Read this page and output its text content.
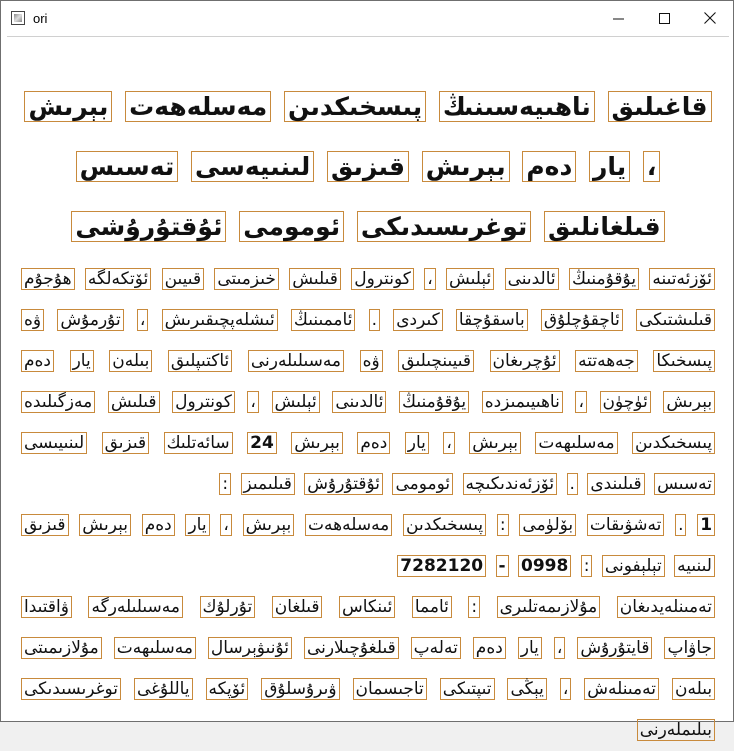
ori
قاغىلىق ناھىيەسىنىڭ پىسخىكدىن مەسلەھەت بېرىش ، يار دەم بېرىش قىزىق لىنىيەسى تەسىس قىلغانلىق توغرىسىدىكى ئومومى ئۇقتۇرۇشى

ئۆزئەتىنە يۇقۇمنىڭ ئالدىنى ئېلىش ، كونترول قىلىش خىزمىتى قىيىن ئۆتكەلگە ھۇجۇم قىلىشتىكى ئاچقۇچلۇق باسقۇچقا كىردى . ئاممىنىڭ ئىشلەپچىقىرىش ، تۇرمۇش ۋە پىسخىكا جەھەتتە ئۇچرىغان قىيىنچىلىق ۋە مەسىلىلەرنى ئاكتىپلىق بىلەن يار دەم بېرىش ئۈچۈن ، ناھىيىمىزدە يۇقۇمنىڭ ئالدىنى ئېلىش ، كونترول قىلىش مەزگىلىدە پىسخىكدىن مەسلىھەت بېرىش ، يار دەم بېرىش 24 سائەتلىك قىزىق لىنىيىسى تەسىس قىلىندى . ئۆزئەندىكىچە ئومومى ئۇقتۇرۇش قىلىمىز :

1 . تەشۋىقات بۆلۈمى : پىسخىكدىن مەسلەھەت بېرىش ، يار دەم بېرىش قىزىق لىنىيە تېلېفونى : 0998 - 7282120

تەمىنلەيدىغان مۇلازىمەتلىرى : ئامما ئىنكاس قىلغان تۇرلۇك مەسىلىلەرگە ۋاقتىدا جاۋاپ قايتۇرۇش ، يار دەم تەلەپ قىلغۇچىلارنى ئۇنىۋېرسال مەسلىھەت مۇلازىمىتى بىلەن تەمىنلەش ، يېڭى تىپتىكى تاجىسمان ۋىرۇسلۇق ئۆپكە ياللۇغى توغرىسىدىكى بىلىملەرنى
